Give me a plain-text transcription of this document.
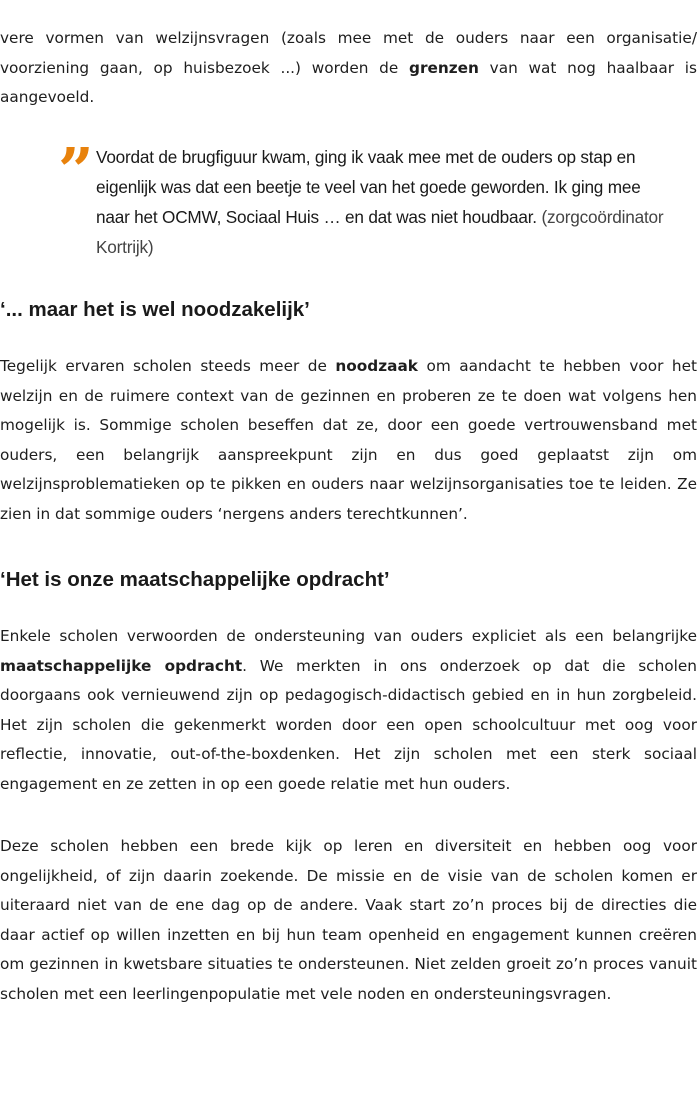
vere vormen van welzijnsvragen (zoals mee met de ouders naar een organisatie/ voorziening gaan, op huisbezoek ...) worden de grenzen van wat nog haalbaar is aangevoeld.

” Voordat de brugfiguur kwam, ging ik vaak mee met de ouders op stap en eigenlijk was dat een beetje te veel van het goede geworden. Ik ging mee naar het OCMW, Sociaal Huis … en dat was niet houdbaar. (zorgcoördinator Kortrijk)
‘... maar het is wel noodzakelijk’

Tegelijk ervaren scholen steeds meer de noodzaak om aandacht te hebben voor het welzijn en de ruimere context van de gezinnen en proberen ze te doen wat volgens hen mogelijk is. Sommige scholen beseffen dat ze, door een goede vertrouwensband met ouders, een belangrijk aanspreekpunt zijn en dus goed geplaatst zijn om welzijnsproblematieken op te pikken en ouders naar welzijnsorganisaties toe te leiden. Ze zien in dat sommige ouders ‘nergens anders terechtkunnen’.

‘Het is onze maatschappelijke opdracht’

Enkele scholen verwoorden de ondersteuning van ouders expliciet als een belangrijke maatschappelijke opdracht. We merkten in ons onderzoek op dat die scholen doorgaans ook vernieuwend zijn op pedagogisch-didactisch gebied en in hun zorgbeleid. Het zijn scholen die gekenmerkt worden door een open schoolcultuur met oog voor reflectie, innovatie, out-of-the-boxdenken. Het zijn scholen met een sterk sociaal engagement en ze zetten in op een goede relatie met hun ouders.

Deze scholen hebben een brede kijk op leren en diversiteit en hebben oog voor ongelijkheid, of zijn daarin zoekende. De missie en de visie van de scholen komen er uiteraard niet van de ene dag op de andere. Vaak start zo’n proces bij de directies die daar actief op willen inzetten en bij hun team openheid en engagement kunnen creëren om gezinnen in kwetsbare situaties te ondersteunen. Niet zelden groeit zo’n proces vanuit scholen met een leerlingenpopulatie met vele noden en ondersteuningsvragen.
